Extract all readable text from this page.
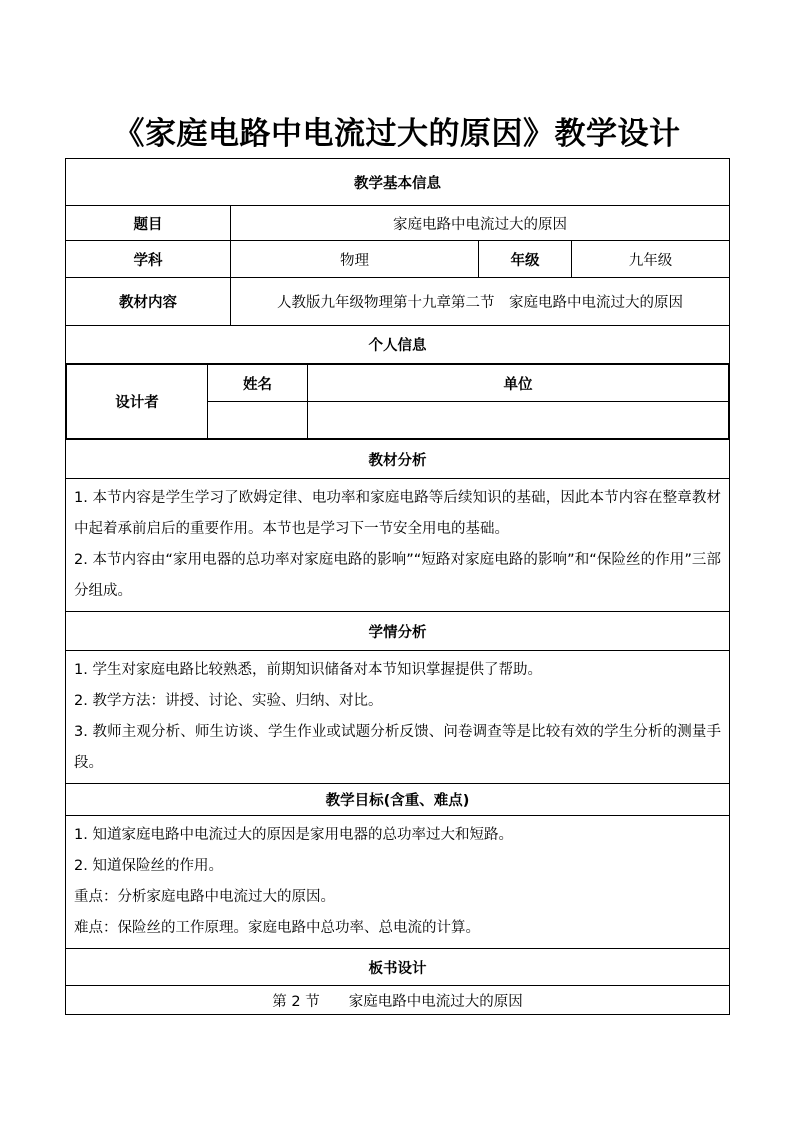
《家庭电路中电流过大的原因》教学设计
教学基本信息
题目	家庭电路中电流过大的原因
学科	物理	年级	九年级
教材内容	人教版九年级物理第十九章第二节　家庭电路中电流过大的原因
个人信息

设计者	姓名	单位

教材分析

1. 本节内容是学生学习了欧姆定律、电功率和家庭电路等后续知识的基础，因此本节内容在整章教材中起着承前启后的重要作用。本节也是学习下一节安全用电的基础。

2. 本节内容由“家用电器的总功率对家庭电路的影响”“短路对家庭电路的影响”和“保险丝的作用”三部分组成。

学情分析

1. 学生对家庭电路比较熟悉，前期知识储备对本节知识掌握提供了帮助。

2. 教学方法：讲授、讨论、实验、归纳、对比。

3. 教师主观分析、师生访谈、学生作业或试题分析反馈、问卷调查等是比较有效的学生分析的测量手段。

教学目标(含重、难点)

1. 知道家庭电路中电流过大的原因是家用电器的总功率过大和短路。

2. 知道保险丝的作用。

重点：分析家庭电路中电流过大的原因。

难点：保险丝的工作原理。家庭电路中总功率、总电流的计算。

板书设计
第 2 节　　家庭电路中电流过大的原因
